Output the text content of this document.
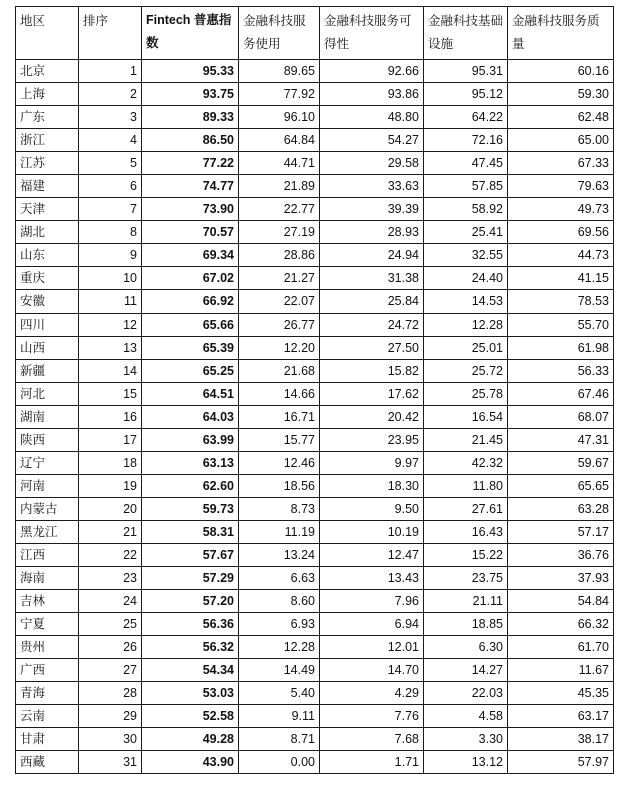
地区	排序	Fintech 普惠指数	金融科技服务使用	金融科技服务可得性	金融科技基础设施	金融科技服务质量
北京	1	95.33	89.65	92.66	95.31	60.16
上海	2	93.75	77.92	93.86	95.12	59.30
广东	3	89.33	96.10	48.80	64.22	62.48
浙江	4	86.50	64.84	54.27	72.16	65.00
江苏	5	77.22	44.71	29.58	47.45	67.33
福建	6	74.77	21.89	33.63	57.85	79.63
天津	7	73.90	22.77	39.39	58.92	49.73
湖北	8	70.57	27.19	28.93	25.41	69.56
山东	9	69.34	28.86	24.94	32.55	44.73
重庆	10	67.02	21.27	31.38	24.40	41.15
安徽	11	66.92	22.07	25.84	14.53	78.53
四川	12	65.66	26.77	24.72	12.28	55.70
山西	13	65.39	12.20	27.50	25.01	61.98
新疆	14	65.25	21.68	15.82	25.72	56.33
河北	15	64.51	14.66	17.62	25.78	67.46
湖南	16	64.03	16.71	20.42	16.54	68.07
陕西	17	63.99	15.77	23.95	21.45	47.31
辽宁	18	63.13	12.46	9.97	42.32	59.67
河南	19	62.60	18.56	18.30	11.80	65.65
内蒙古	20	59.73	8.73	9.50	27.61	63.28
黑龙江	21	58.31	11.19	10.19	16.43	57.17
江西	22	57.67	13.24	12.47	15.22	36.76
海南	23	57.29	6.63	13.43	23.75	37.93
吉林	24	57.20	8.60	7.96	21.11	54.84
宁夏	25	56.36	6.93	6.94	18.85	66.32
贵州	26	56.32	12.28	12.01	6.30	61.70
广西	27	54.34	14.49	14.70	14.27	11.67
青海	28	53.03	5.40	4.29	22.03	45.35
云南	29	52.58	9.11	7.76	4.58	63.17
甘肃	30	49.28	8.71	7.68	3.30	38.17
西藏	31	43.90	0.00	1.71	13.12	57.97
